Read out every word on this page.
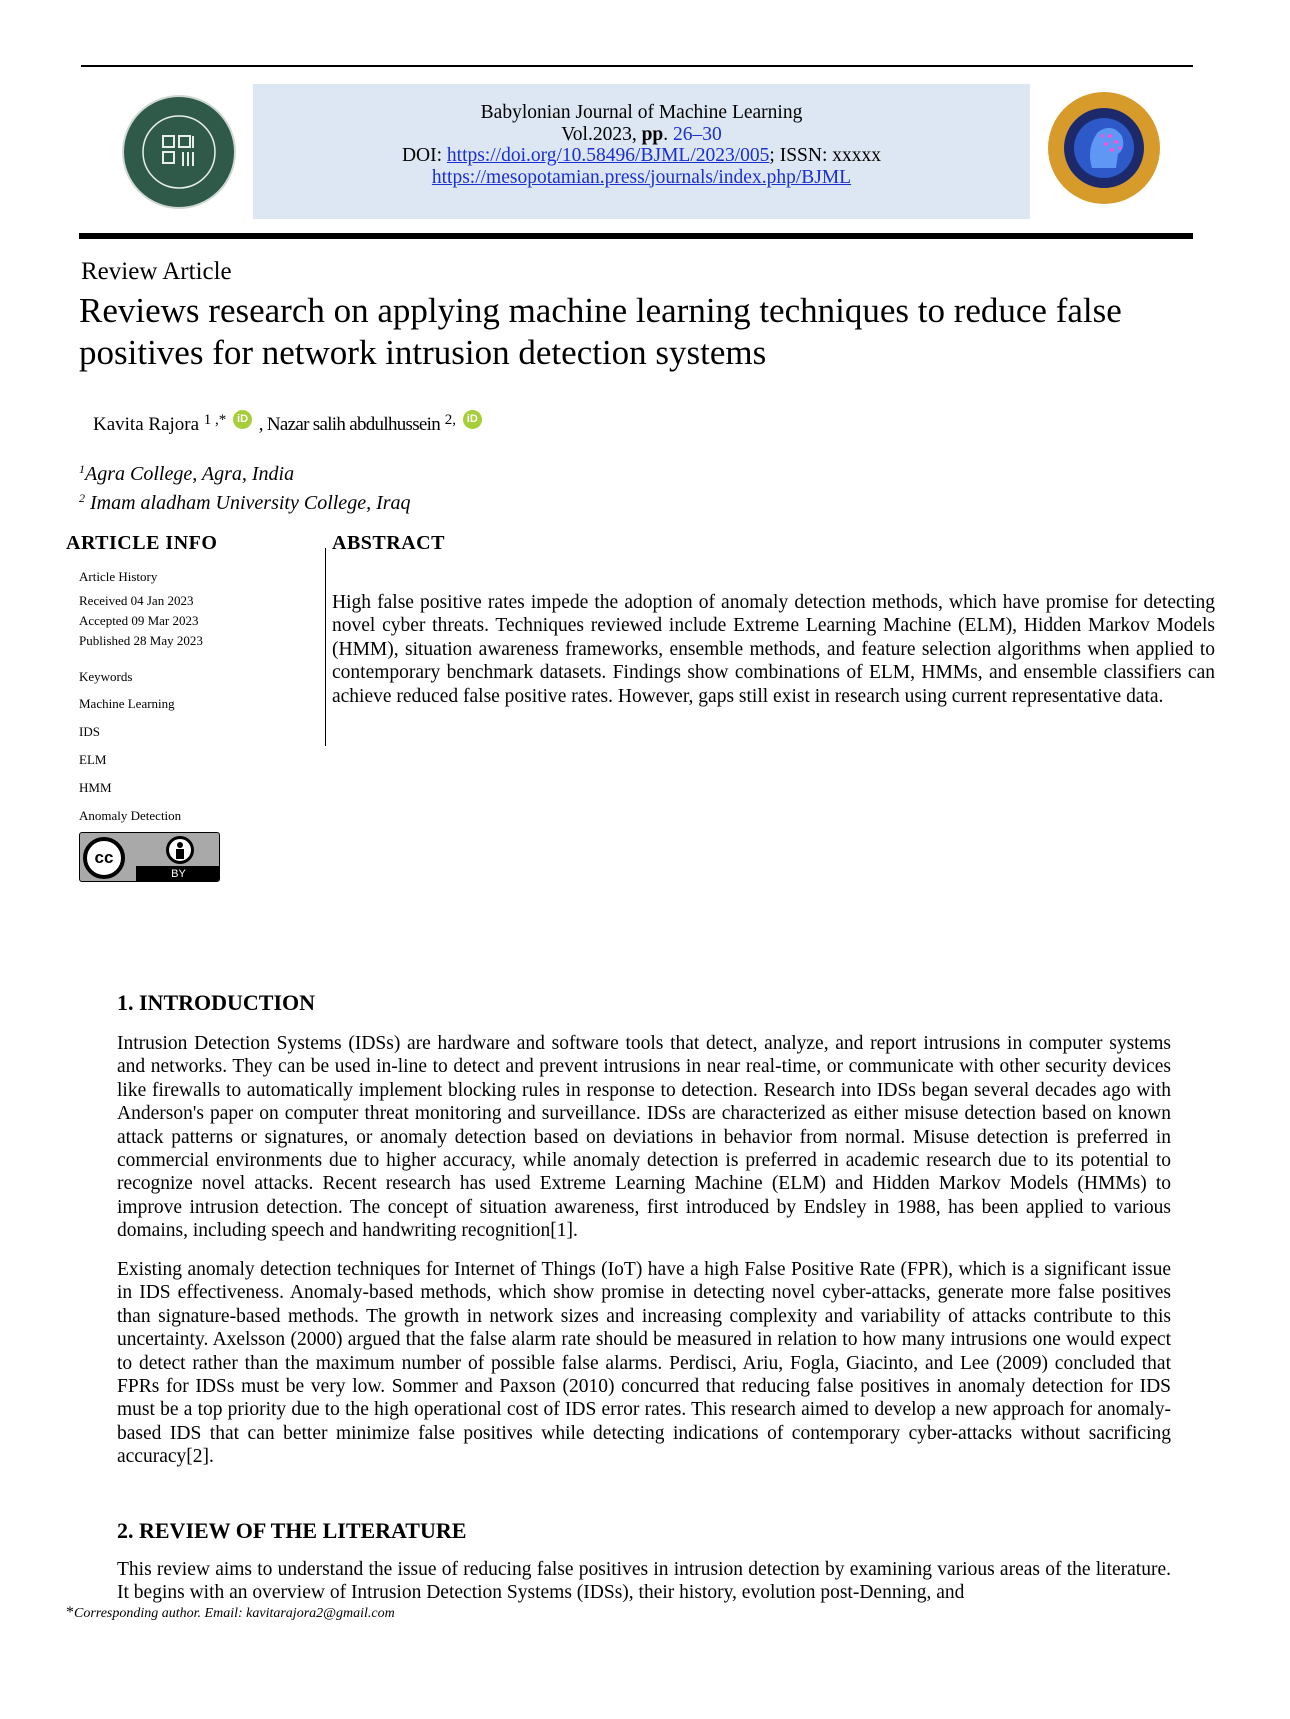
Babylonian Journal of Machine Learning
Vol.2023, pp. 26–30
DOI: https://doi.org/10.58496/BJML/2023/005; ISSN: xxxxx
https://mesopotamian.press/journals/index.php/BJML
Review Article
Reviews research on applying machine learning techniques to reduce false positives for network intrusion detection systems
Kavita Rajora $^{1 ,*}$ iD , Nazar salih abdulhussein $^{2,}$ iD
$^1$Agra College, Agra, India
$^2$ Imam aladham University College, Iraq
ARTICLE INFO	ABSTRACT
Article History
Received 04 Jan 2023
Accepted 09 Mar 2023
Published 28 May 2023
Keywords
Machine Learning
IDS
ELM
HMM
Anomaly Detection
cc
BY
High false positive rates impede the adoption of anomaly detection methods, which have promise for detecting novel cyber threats. Techniques reviewed include Extreme Learning Machine (ELM), Hidden Markov Models (HMM), situation awareness frameworks, ensemble methods, and feature selection algorithms when applied to contemporary benchmark datasets. Findings show combinations of ELM, HMMs, and ensemble classifiers can achieve reduced false positive rates. However, gaps still exist in research using current representative data.
1. INTRODUCTION
Intrusion Detection Systems (IDSs) are hardware and software tools that detect, analyze, and report intrusions in computer systems and networks. They can be used in-line to detect and prevent intrusions in near real-time, or communicate with other security devices like firewalls to automatically implement blocking rules in response to detection. Research into IDSs began several decades ago with Anderson's paper on computer threat monitoring and surveillance. IDSs are characterized as either misuse detection based on known attack patterns or signatures, or anomaly detection based on deviations in behavior from normal. Misuse detection is preferred in commercial environments due to higher accuracy, while anomaly detection is preferred in academic research due to its potential to recognize novel attacks. Recent research has used Extreme Learning Machine (ELM) and Hidden Markov Models (HMMs) to improve intrusion detection. The concept of situation awareness, first introduced by Endsley in 1988, has been applied to various domains, including speech and handwriting recognition[1].
Existing anomaly detection techniques for Internet of Things (IoT) have a high False Positive Rate (FPR), which is a significant issue in IDS effectiveness. Anomaly-based methods, which show promise in detecting novel cyber-attacks, generate more false positives than signature-based methods. The growth in network sizes and increasing complexity and variability of attacks contribute to this uncertainty. Axelsson (2000) argued that the false alarm rate should be measured in relation to how many intrusions one would expect to detect rather than the maximum number of possible false alarms. Perdisci, Ariu, Fogla, Giacinto, and Lee (2009) concluded that FPRs for IDSs must be very low. Sommer and Paxson (2010) concurred that reducing false positives in anomaly detection for IDS must be a top priority due to the high operational cost of IDS error rates. This research aimed to develop a new approach for anomaly-based IDS that can better minimize false positives while detecting indications of contemporary cyber-attacks without sacrificing accuracy[2].
2. REVIEW OF THE LITERATURE
This review aims to understand the issue of reducing false positives in intrusion detection by examining various areas of the literature. It begins with an overview of Intrusion Detection Systems (IDSs), their history, evolution post-Denning, and
*Corresponding author. Email: kavitarajora2@gmail.com
